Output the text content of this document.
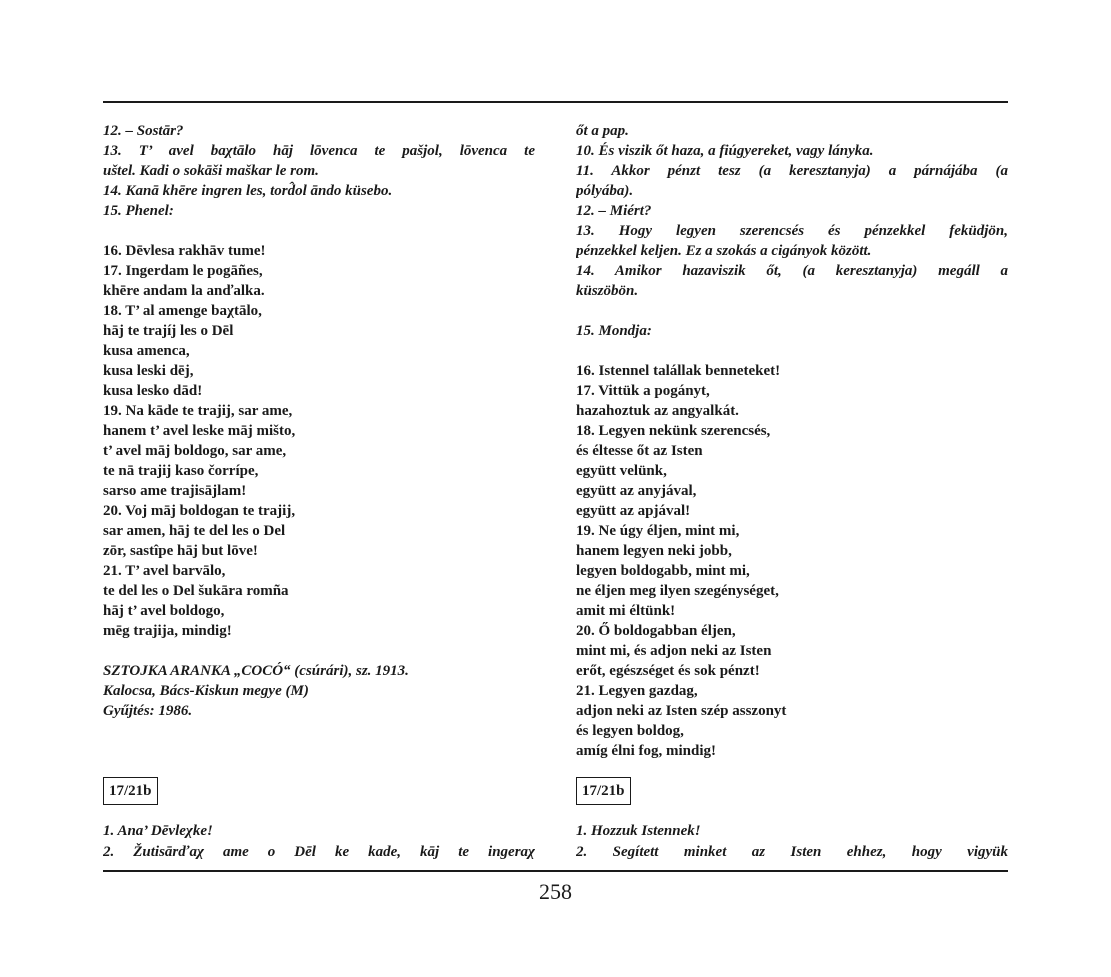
12. – Sostār?
13. T’ avel baχtālo hāj lōvenca te pašjol, lōvenca te
uštel. Kadi o sokāši maškar le rom.
14. Kanā khēre ingren les, tord̂ol āndo küsebo.
15. Phenel:
16. Dēvlesa rakhāv tume!
17. Ingerdam le pogāñes,
khēre andam la anďalka.
18. T’ al amenge baχtālo,
hāj te trajíj les o Dēl
kusa amenca,
kusa leski dēj,
kusa lesko dād!
19. Na kāde te trajij, sar ame,
hanem t’ avel leske māj mišto,
t’ avel māj boldogo, sar ame,
te nā trajij kaso čorrípe,
sarso ame trajisājlam!
20. Voj māj boldogan te trajij,
sar amen, hāj te del les o Del
zōr, sastîpe hāj but lōve!
21. T’ avel barvālo,
te del les o Del šukāra romña
hāj t’ avel boldogo,
mēg trajija, mindig!
SZTOJKA ARANKA „COCÓ“ (csúrári), sz. 1913.
Kalocsa, Bács-Kiskun megye (M)
Gyűjtés: 1986.
17/21b
1. Ana’ Dēvleχke!
2. Žutisārďaχ ame o Dēl ke kade, kāj te ingeraχ
őt a pap.
10. És viszik őt haza, a fiúgyereket, vagy lányka.
11. Akkor pénzt tesz (a keresztanyja) a párnájába (a
pólyába).
12. – Miért?
13. Hogy legyen szerencsés és pénzekkel feküdjön,
pénzekkel keljen. Ez a szokás a cigányok között.
14. Amikor hazaviszik őt, (a keresztanyja) megáll a
küszöbön.
15. Mondja:
16. Istennel talállak benneteket!
17. Vittük a pogányt,
hazahoztuk az angyalkát.
18. Legyen nekünk szerencsés,
és éltesse őt az Isten
együtt velünk,
együtt az anyjával,
együtt az apjával!
19. Ne úgy éljen, mint mi,
hanem legyen neki jobb,
legyen boldogabb, mint mi,
ne éljen meg ilyen szegénységet,
amit mi éltünk!
20. Ő boldogabban éljen,
mint mi, és adjon neki az Isten
erőt, egészséget és sok pénzt!
21. Legyen gazdag,
adjon neki az Isten szép asszonyt
és legyen boldog,
amíg élni fog, mindig!
17/21b
1. Hozzuk Istennek!
2. Segített minket az Isten ehhez, hogy vigyük
258
